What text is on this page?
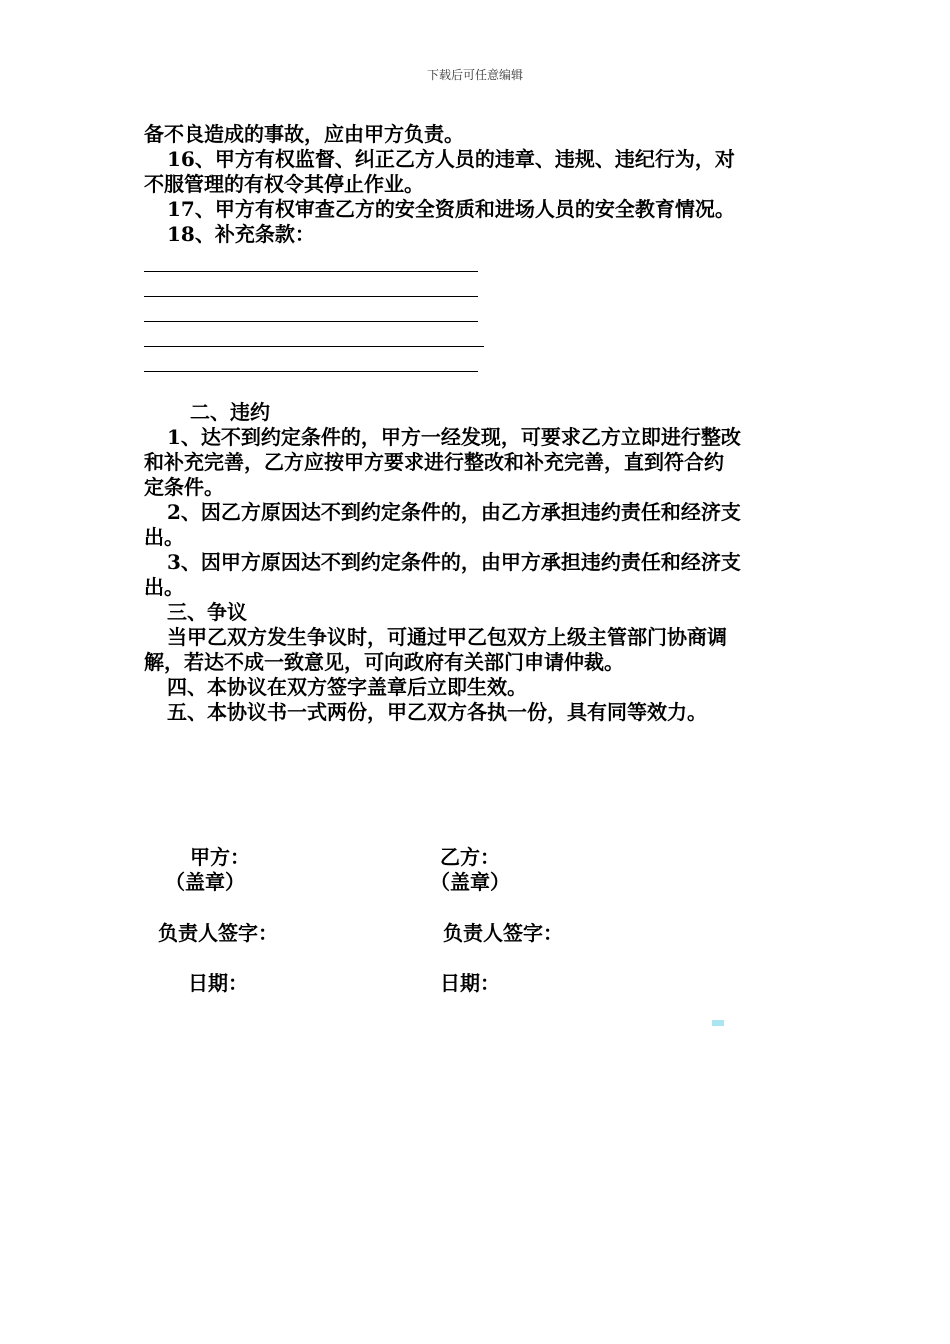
下载后可任意编辑
备不良造成的事故，应由甲方负责。
16、甲方有权监督、纠正乙方人员的违章、违规、违纪行为，对
不服管理的有权令其停止作业。
17、甲方有权审查乙方的安全资质和进场人员的安全教育情况。
18、补充条款：
二、违约
1、达不到约定条件的，甲方一经发现，可要求乙方立即进行整改
和补充完善，乙方应按甲方要求进行整改和补充完善，直到符合约
定条件。
2、因乙方原因达不到约定条件的，由乙方承担违约责任和经济支
出。
3、因甲方原因达不到约定条件的，由甲方承担违约责任和经济支
出。
三、争议
当甲乙双方发生争议时，可通过甲乙包双方上级主管部门协商调
解，若达不成一致意见，可向政府有关部门申请仲裁。
四、本协议在双方签字盖章后立即生效。
五、本协议书一式两份，甲乙双方各执一份，具有同等效力。
甲方：
（盖章）
乙方：
（盖章）
负责人签字：	负责人签字：
日期：	日期：
